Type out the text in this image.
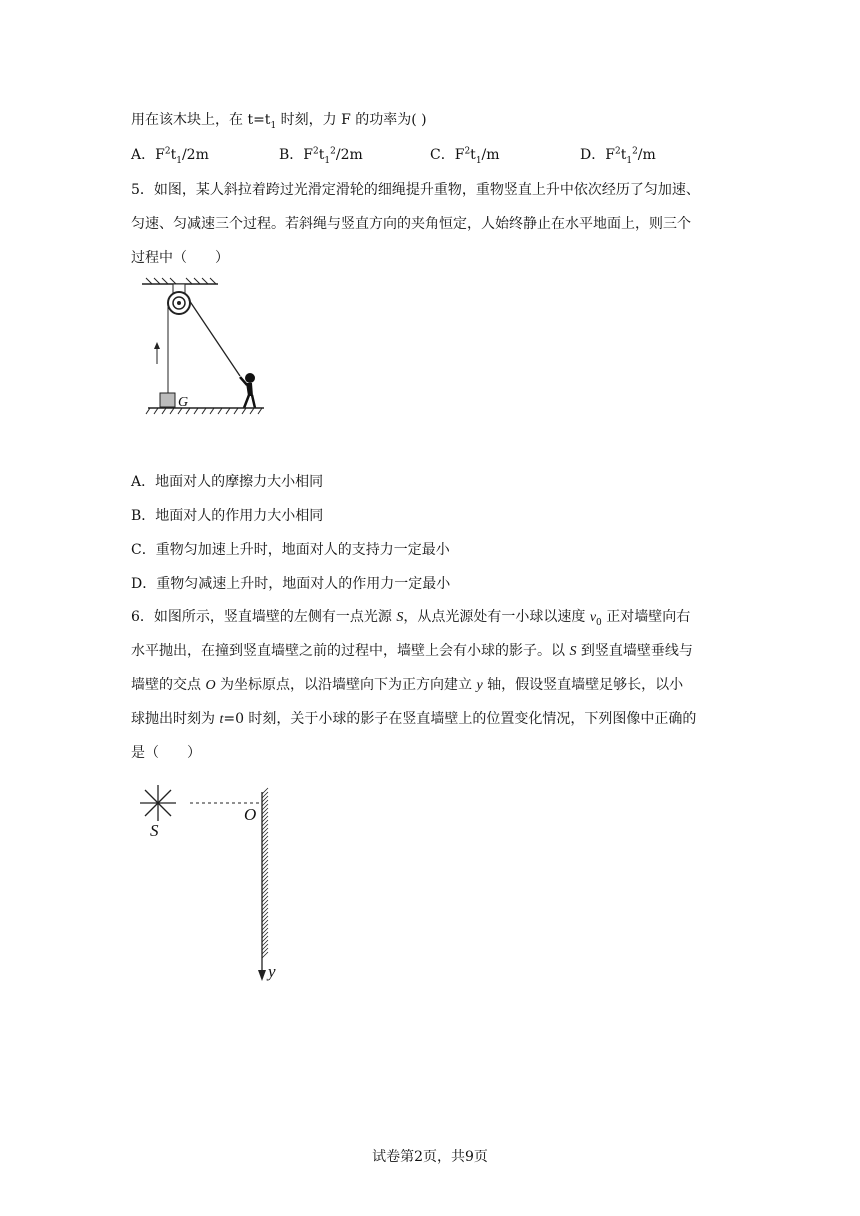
用在该木块上，在 $t=t_1$ 时刻，力 F 的功率为( )
A．$F^2t_1/2m$	B．$F^2t_1^2/2m$	C．$F^2t_1/m$	D．$F^2t_1^2/m$
5．如图，某人斜拉着跨过光滑定滑轮的细绳提升重物，重物竖直上升中依次经历了匀加速、
匀速、匀减速三个过程。若斜绳与竖直方向的夹角恒定，人始终静止在水平地面上，则三个
过程中（　　）
G
A．地面对人的摩擦力大小相同
B．地面对人的作用力大小相同
C．重物匀加速上升时，地面对人的支持力一定最小
D．重物匀减速上升时，地面对人的作用力一定最小
6．如图所示，竖直墙壁的左侧有一点光源 S，从点光源处有一小球以速度 $v_0$ 正对墙壁向右
水平抛出，在撞到竖直墙壁之前的过程中，墙壁上会有小球的影子。以 S 到竖直墙壁垂线与
墙壁的交点 O 为坐标原点，以沿墙壁向下为正方向建立 y 轴，假设竖直墙壁足够长，以小
球抛出时刻为 t=0 时刻，关于小球的影子在竖直墙壁上的位置变化情况，下列图像中正确的
是（　　）
S
O
y
试卷第2页，共9页
